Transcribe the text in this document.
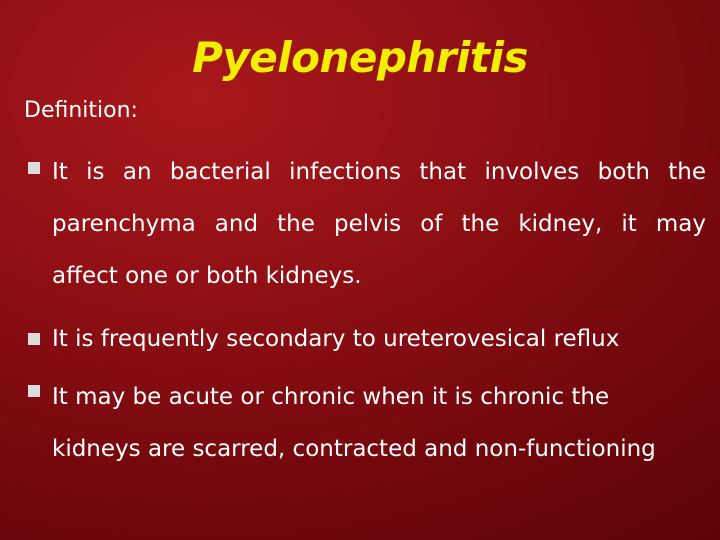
Pyelonephritis
Definition:
It is an bacterial infections that involves both the
parenchyma and the pelvis of the kidney, it may
affect one or both kidneys.
It is frequently secondary to ureterovesical reflux
It may be acute or chronic when it is chronic the
kidneys are scarred, contracted and non-functioning
